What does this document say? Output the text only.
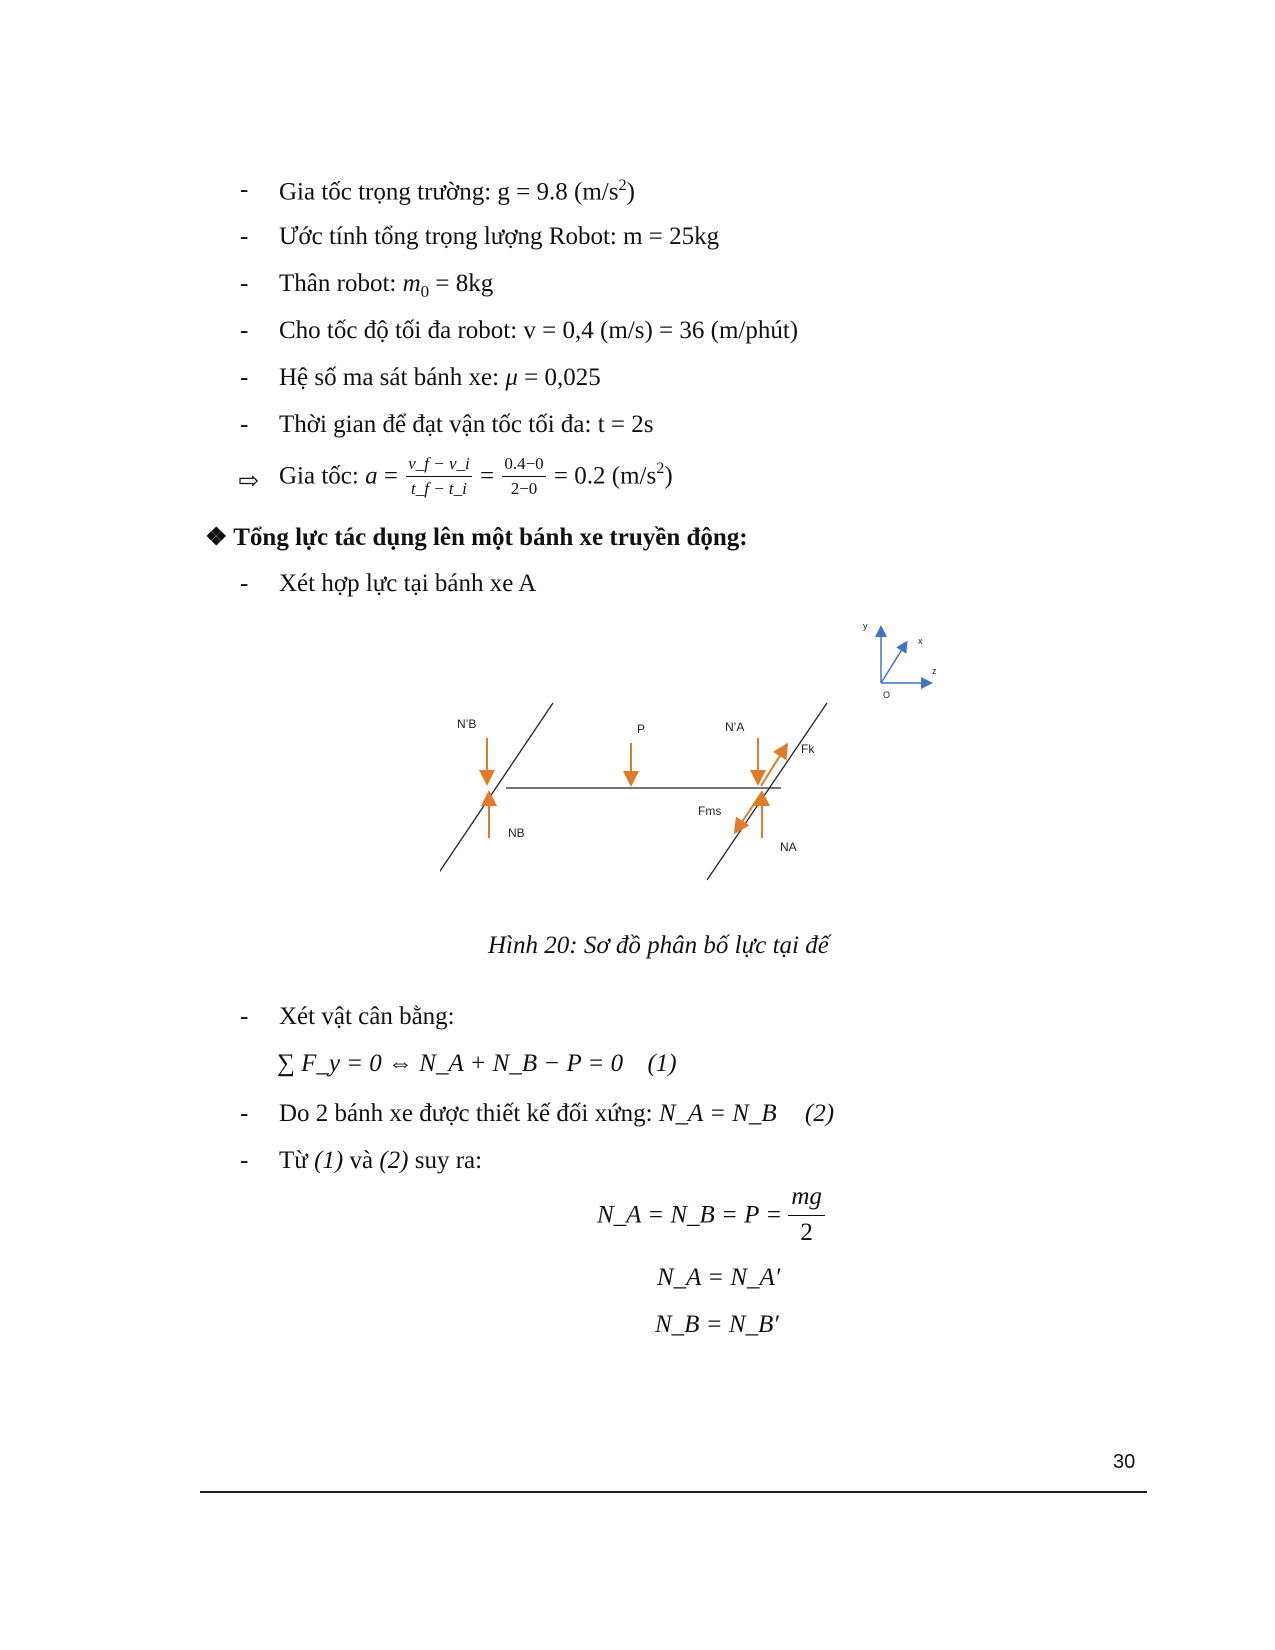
- Gia tốc trọng trường: g = 9.8 $(m/s^2)$
- Ước tính tổng trọng lượng Robot: m = 25kg
- Thân robot: $m_0 = 8kg$
- Cho tốc độ tối đa robot: v = 0,4 (m/s) = 36 (m/phút)
- Hệ số ma sát bánh xe: μ = 0,025
- Thời gian để đạt vận tốc tối đa: t = 2s
⇨ Gia tốc: $a = \frac{v\_f - v\_i}{t\_f - t\_i} = \frac{0.4-0}{2-0} = 0.2$ $(m/s^2)$
❖ Tổng lực tác dụng lên một bánh xe truyền động:
- Xét hợp lực tại bánh xe A
y
x
z
O
N’B	P	N’A
Fk
Fms
NB
NA
Hình 20: Sơ đồ phân bố lực tại đế
- Xét vật cân bằng:
∑ F_y = 0 ⇔ N_A + N_B − P = 0 (1)
- Do 2 bánh xe được thiết kế đối xứng: N_A = N_B (2)
- Từ (1) và (2) suy ra:
N_A = N_B = $P = \frac{mg}{2}$
N_A = N_A′
N_B = N_B′
30
